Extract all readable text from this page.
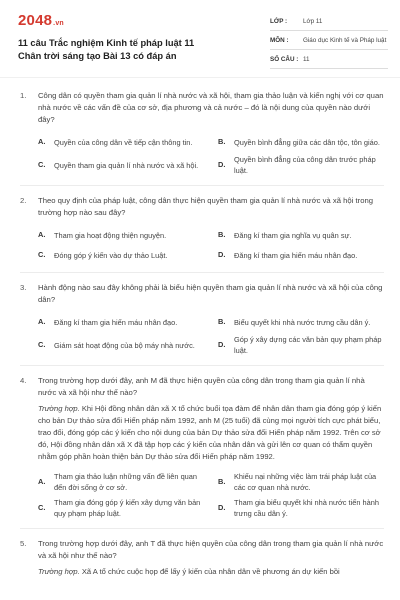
2048.vn
11 câu Trắc nghiệm Kinh tế pháp luật 11 Chân trời sáng tạo Bài 13 có đáp án
LỚP :	Lớp 11
MÔN :	Giáo dục Kinh tế và Pháp luật
SỐ CÂU : 11
1.	Công dân có quyền tham gia quản lí nhà nước và xã hội, tham gia thảo luận và kiến nghị với cơ quan nhà nước về các vấn đề của cơ sở, địa phương và cả nước – đó là nội dung của quyền nào dưới đây?
A.	Quyền của công dân về tiếp cận thông tin.	B.	Quyền bình đẳng giữa các dân tộc, tôn giáo.
C.	Quyền tham gia quản lí nhà nước và xã hội.	D.
Quyền bình đẳng của công dân trước pháp luật.
2.	Theo quy định của pháp luật, công dân thực hiện quyền tham gia quản lí nhà nước và xã hội trong trường hợp nào sau đây?
A.	Tham gia hoạt động thiện nguyện.	B.	Đăng kí tham gia nghĩa vụ quân sự.
C.	Đóng góp ý kiến vào dự thảo Luật.	D.	Đăng kí tham gia hiến máu nhân đạo.
3.	Hành động nào sau đây không phải là biểu hiện quyền tham gia quản lí nhà nước và xã hội của công dân?
A.	Đăng kí tham gia hiến máu nhân đạo.	B.	Biểu quyết khi nhà nước trưng cầu dân ý.
C.	Giám sát hoạt động của bộ máy nhà nước.	D.
Góp ý xây dựng các văn bản quy phạm pháp luật.
4.	Trong trường hợp dưới đây, anh M đã thực hiện quyền của công dân trong tham gia quản lí nhà nước và xã hội như thế nào?
Trường hợp. Khi Hội đồng nhân dân xã X tổ chức buổi tọa đàm để nhân dân tham gia đóng góp ý kiến cho bản Dự thảo sửa đổi Hiến pháp năm 1992, anh M (25 tuổi) đã cùng mọi người tích cực phát biểu, trao đổi, đóng góp các ý kiến cho nội dung của bản Dự thảo sửa đổi Hiến pháp năm 1992. Trên cơ sở đó, Hội đồng nhân dân xã X đã tập hợp các ý kiến của nhân dân và gửi lên cơ quan có thẩm quyền nhằm góp phần hoàn thiện bản Dự thảo sửa đổi Hiến pháp năm 1992.
A.
Tham gia thảo luận những vấn đề liên quan đến đời sống ở cơ sở.
B.
Khiếu nại những việc làm trái pháp luật của các cơ quan nhà nước.
C.
Tham gia đóng góp ý kiến xây dựng văn bản quy phạm pháp luật.
D.
Tham gia biểu quyết khi nhà nước tiến hành trưng cầu dân ý.
5.	Trong trường hợp dưới đây, anh T đã thực hiện quyền của công dân trong tham gia quản lí nhà nước và xã hội như thế nào?
Trường hợp. Xã A tổ chức cuộc họp để lấy ý kiến của nhân dân về phương án dự kiến bồi
